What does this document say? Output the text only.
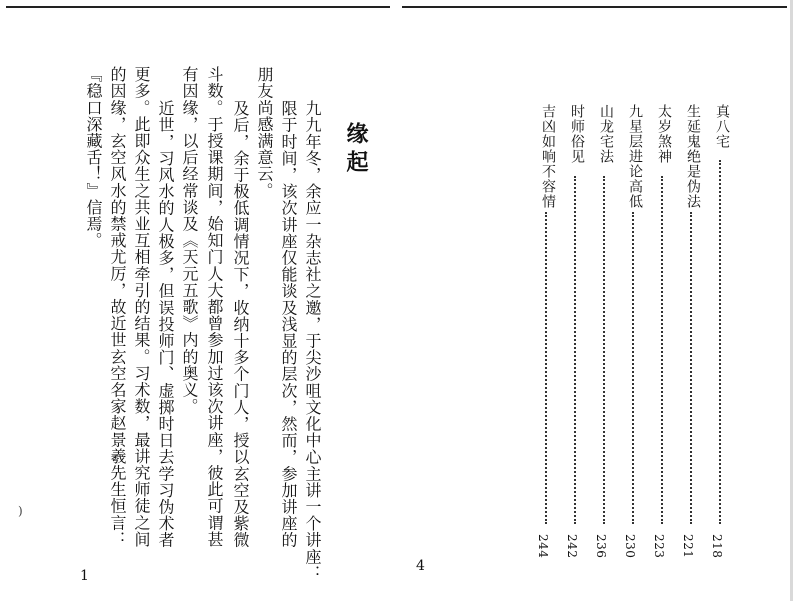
缘起
九九年冬，余应一杂志社之邀，于尖沙咀文化中心主讲一个讲座：
限于时间，该次讲座仅能谈及浅显的层次，然而，参加讲座的
朋友尚感满意云。
及后，余于极低调情况下，收纳十多个门人，授以玄空及紫微
斗数。于授课期间，始知门人大都曾参加过该次讲座，彼此可谓甚
有因缘，以后经常谈及《天元五歌》内的奥义。
近世，习风水的人极多，但误投师门、虚掷时日去学习伪术者
更多。此即众生之共业互相牵引的结果。习术数，最讲究师徒之间
的因缘，玄空风水的禁戒尤厉，故近世玄空名家赵景羲先生恒言：
『稳口深藏舌！』信焉。
)
1
真八宅
218
生延鬼绝是伪法
221
太岁煞神
223
九星层进论高低
230
山龙宅法
236
时师俗见
242
吉凶如响不容情
244
4
